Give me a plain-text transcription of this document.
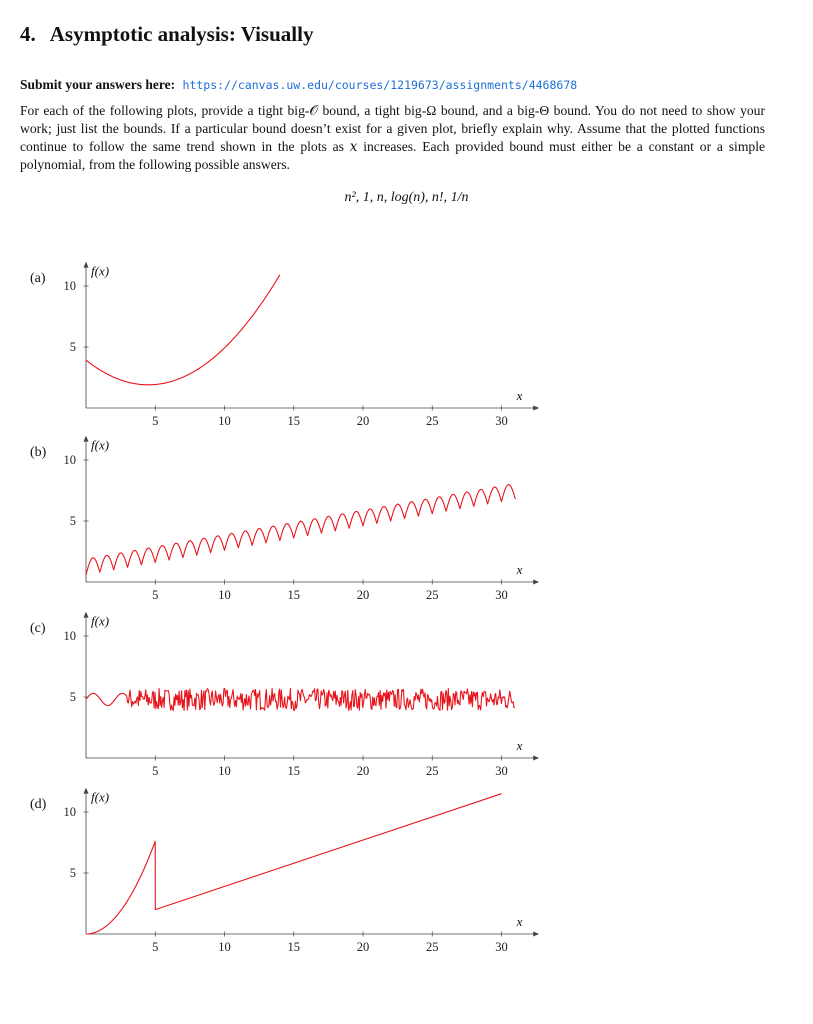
4. Asymptotic analysis: Visually
Submit your answers here: https://canvas.uw.edu/courses/1219673/assignments/4468678
For each of the following plots, provide a tight big-𝒪 bound, a tight big-Ω bound, and a big-Θ bound. You do not need to show your work; just list the bounds. If a particular bound doesn’t exist for a given plot, briefly explain why. Assume that the plotted functions continue to follow the same trend shown in the plots as 𝑥 increases. Each provided bound must either be a constant or a simple polynomial, from the following possible answers.
n², 1, n, log(n), n!, 1/n
(a)	f(x)
x
5	10	15	20	25	30
5
10
(b)	f(x)
x
5	10	15	20	25	30
5
10
(c)	f(x)
x
5	10	15	20	25	30
5
10
(d)	f(x)
x
5	10	15	20	25	30
5
10
